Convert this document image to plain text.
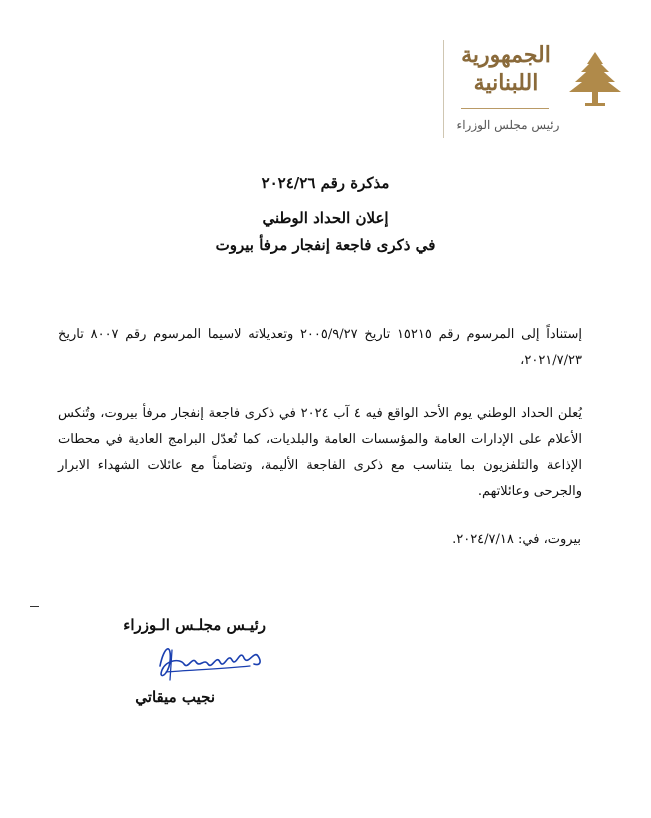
الجمهورية
اللبنانية
رئيس مجلس الوزراء
مذكرة رقم ٢٠٢٤/٢٦
إعلان الحداد الوطني
في ذكرى فاجعة إنفجار مرفأ بيروت
إستناداً إلى المرسوم رقم ١٥٢١٥ تاريخ ٢٠٠٥/٩/٢٧ وتعديلاته لاسيما المرسوم رقم ٨٠٠٧ تاريخ ٢٠٢١/٧/٢٣،
يُعلن الحداد الوطني يوم الأحد الواقع فيه ٤ آب ٢٠٢٤ في ذكرى فاجعة إنفجار مرفأ بيروت، وتُنكس الأعلام على الإدارات العامة والمؤسسات العامة والبلديات، كما تُعدّل البرامج العادية في محطات الإذاعة والتلفزيون بما يتناسب مع ذكرى الفاجعة الأليمة، وتضامناً مع عائلات الشهداء الابرار والجرحى وعائلاتهم.
بيروت، في: ٢٠٢٤/٧/١٨.
رئيـس مجلـس الـوزراء
نجيب ميقاتي
